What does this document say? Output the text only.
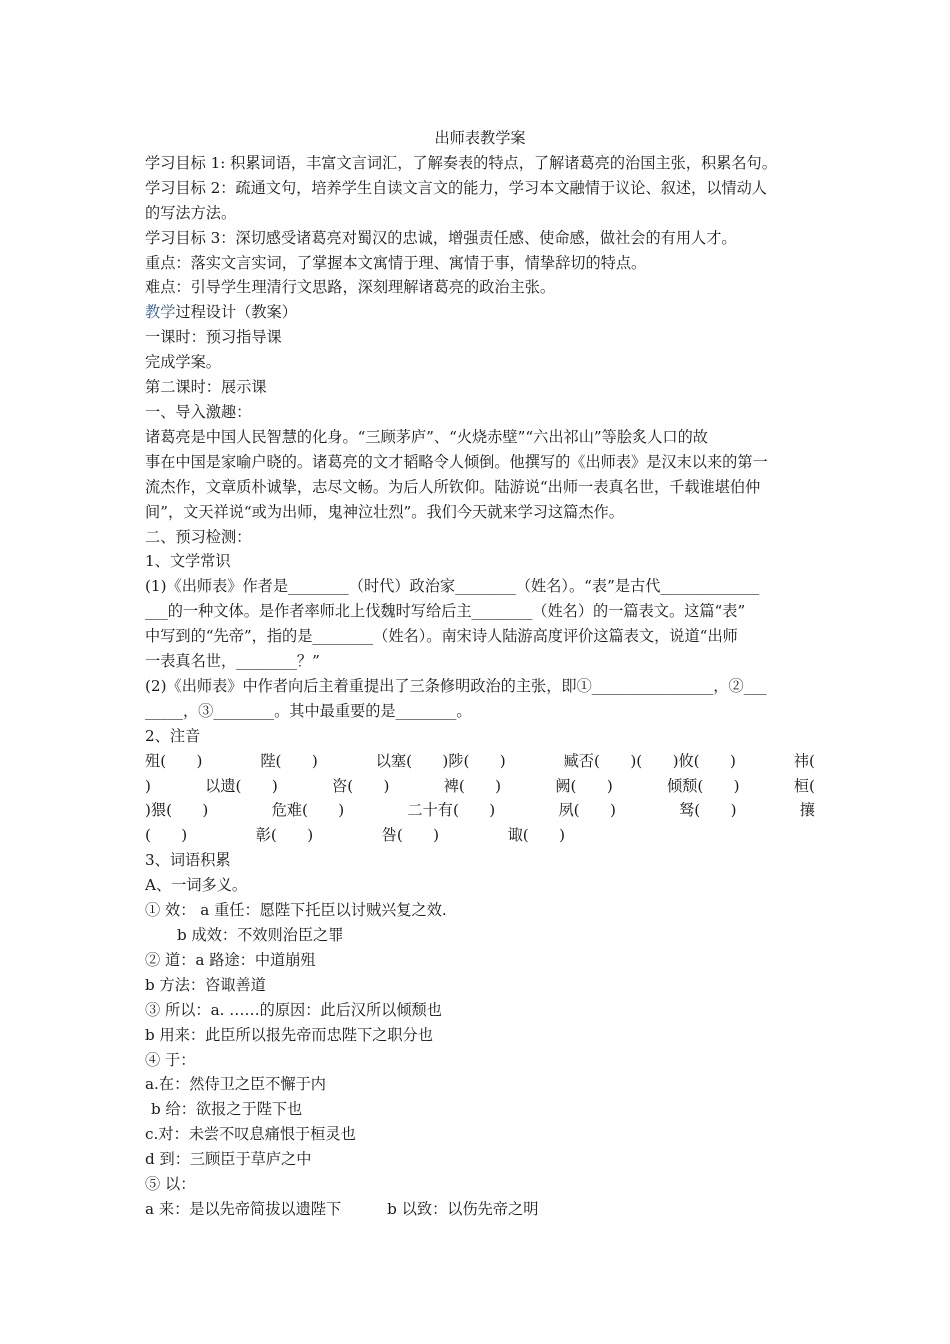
出师表教学案
学习目标 1: 积累词语，丰富文言词汇，了解奏表的特点，了解诸葛亮的治国主张，积累名句。
学习目标 2：疏通文句，培养学生自读文言文的能力，学习本文融情于议论、叙述，以情动人
的写法方法。
学习目标 3：深切感受诸葛亮对蜀汉的忠诚，增强责任感、使命感，做社会的有用人才。
重点：落实文言实词，了掌握本文寓情于理、寓情于事，情挚辞切的特点。
难点：引导学生理清行文思路，深刻理解诸葛亮的政治主张。
教学过程设计（教案）
一课时：预习指导课
完成学案。
第二课时：展示课
一、导入激趣：
诸葛亮是中国人民智慧的化身。“三顾茅庐”、“火烧赤壁”“六出祁山”等脍炙人口的故
事在中国是家喻户晓的。诸葛亮的文才韬略令人倾倒。他撰写的《出师表》是汉末以来的第一
流杰作，文章质朴诚挚，志尽文畅。为后人所钦仰。陆游说“出师一表真名世，千载谁堪伯仲
间”，文天祥说“或为出师，鬼神泣壮烈”。我们今天就来学习这篇杰作。
二、预习检测：
1、文学常识
(1)《出师表》作者是________（时代）政治家________（姓名）。“表”是古代_____________
___的一种文体。是作者率师北上伐魏时写给后主________（姓名）的一篇表文。这篇“表”
中写到的“先帝”，指的是________（姓名）。南宋诗人陆游高度评价这篇表文，说道“出师
一表真名世，________？”
(2)《出师表》中作者向后主着重提出了三条修明政治的主张，即①________________，②___
_____，③________。其中最重要的是________。
2、注音
殂(　　)	陛(　　)	以塞(　　)陟(　　)	臧否(　　)(　　)攸(　　)	祎(
)	以遗(　　)	咨(　　)	裨(　　)	阙(　　)	倾颓(　　)	桓(
)猥(　　)	危难(　　)	二十有(　　)	夙(　　)	驽(　　)	攘
(　　)	彰(　　)	咎(　　)	诹(　　)
3、词语积累
A、一词多义。
① 效： a 重任：愿陛下托臣以讨贼兴复之效.
b 成效：不效则治臣之罪
② 道：a 路途：中道崩殂
b 方法：咨诹善道
③ 所以：a. ……的原因：此后汉所以倾颓也
b 用来：此臣所以报先帝而忠陛下之职分也
④ 于：
a.在：然侍卫之臣不懈于内
b 给：欲报之于陛下也
c.对：未尝不叹息痛恨于桓灵也
d 到：三顾臣于草庐之中
⑤ 以：
a 来：是以先帝简拔以遗陛下	b 以致：以伤先帝之明
